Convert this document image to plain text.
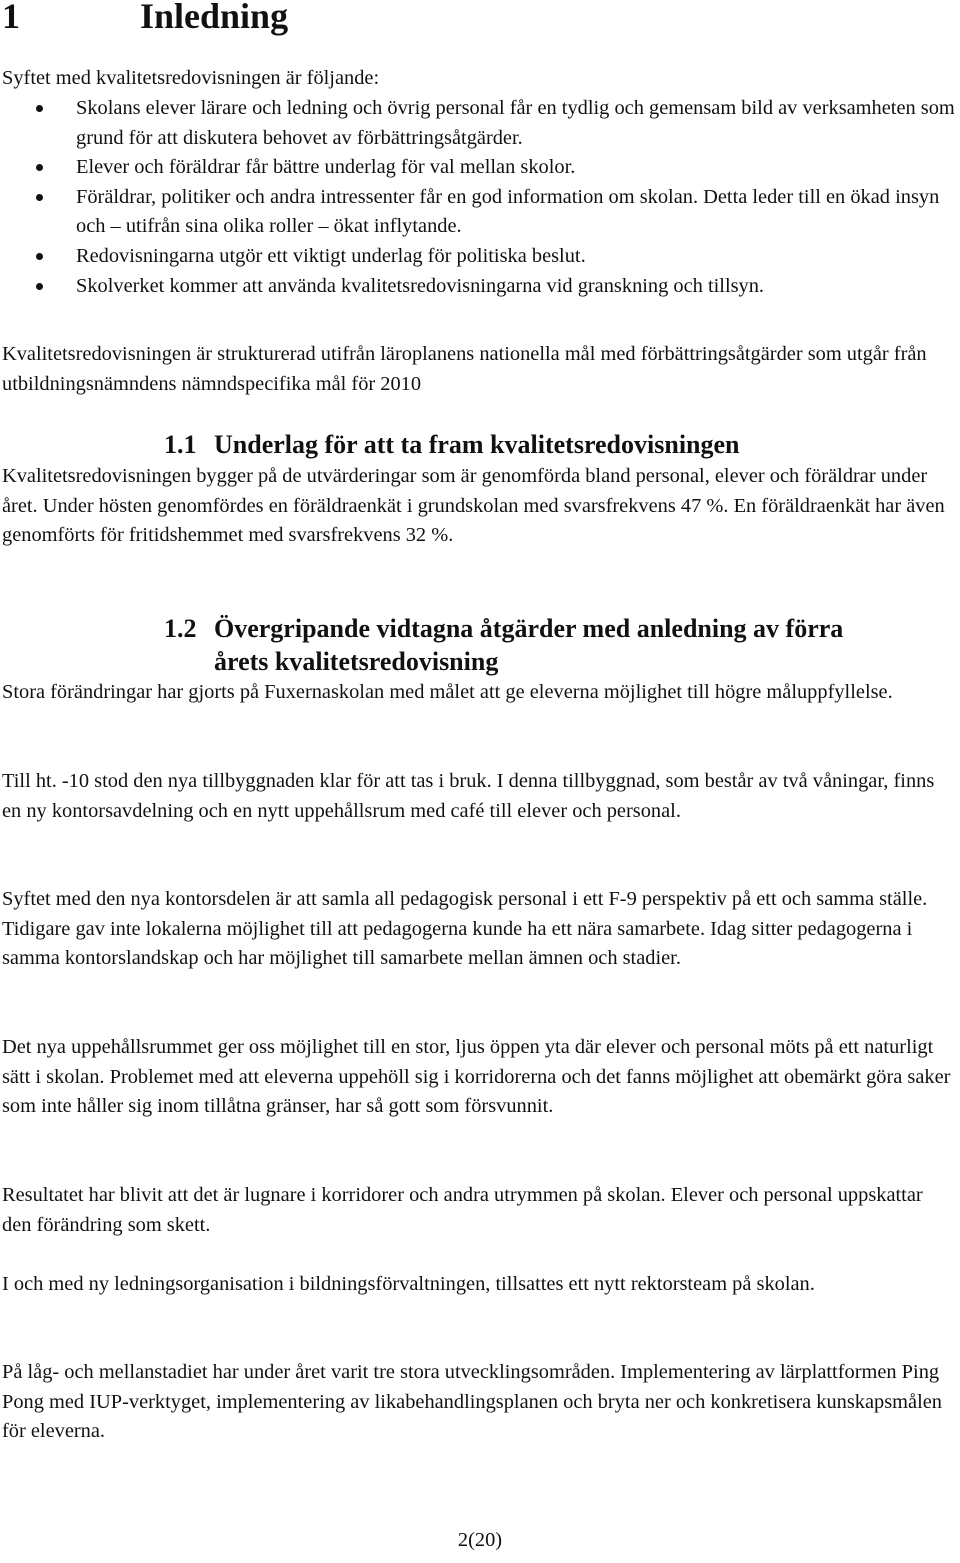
1	Inledning

Syftet med kvalitetsredovisningen är följande:

Skolans elever lärare och ledning och övrig personal får en tydlig och gemensam bild av verksamheten som grund för att diskutera behovet av förbättringsåtgärder.
Elever och föräldrar får bättre underlag för val mellan skolor.
Föräldrar, politiker och andra intressenter får en god information om skolan. Detta leder till en ökad insyn och – utifrån sina olika roller – ökat inflytande.
Redovisningarna utgör ett viktigt underlag för politiska beslut.
Skolverket kommer att använda kvalitetsredovisningarna vid granskning och tillsyn.

Kvalitetsredovisningen är strukturerad utifrån läroplanens nationella mål med förbättringsåtgärder som utgår från utbildningsnämndens nämndspecifika mål för 2010

1.1 Underlag för att ta fram kvalitetsredovisningen

Kvalitetsredovisningen bygger på de utvärderingar som är genomförda bland personal, elever och föräldrar under året. Under hösten genomfördes en föräldraenkät i grundskolan med svarsfrekvens 47 %. En föräldraenkät har även genomförts för fritidshemmet med svarsfrekvens 32 %.

1.2 Övergripande vidtagna åtgärder med anledning av förra
årets kvalitetsredovisning

Stora förändringar har gjorts på Fuxernaskolan med målet att ge eleverna möjlighet till högre måluppfyllelse.

Till ht. -10 stod den nya tillbyggnaden klar för att tas i bruk. I denna tillbyggnad, som består av två våningar, finns en ny kontorsavdelning och en nytt uppehållsrum med café till elever och personal.

Syftet med den nya kontorsdelen är att samla all pedagogisk personal i ett F-9 perspektiv på ett och samma ställe. Tidigare gav inte lokalerna möjlighet till att pedagogerna kunde ha ett nära samarbete. Idag sitter pedagogerna i samma kontorslandskap och har möjlighet till samarbete mellan ämnen och stadier.

Det nya uppehållsrummet ger oss möjlighet till en stor, ljus öppen yta där elever och personal möts på ett naturligt sätt i skolan. Problemet med att eleverna uppehöll sig i korridorerna och det fanns möjlighet att obemärkt göra saker som inte håller sig inom tillåtna gränser, har så gott som försvunnit.

Resultatet har blivit att det är lugnare i korridorer och andra utrymmen på skolan. Elever och personal uppskattar den förändring som skett.

I och med ny ledningsorganisation i bildningsförvaltningen, tillsattes ett nytt rektorsteam på skolan.

På låg- och mellanstadiet har under året varit tre stora utvecklingsområden. Implementering av lärplattformen Ping Pong med IUP-verktyget, implementering av likabehandlingsplanen och bryta ner och konkretisera kunskapsmålen för eleverna.

2(20)
